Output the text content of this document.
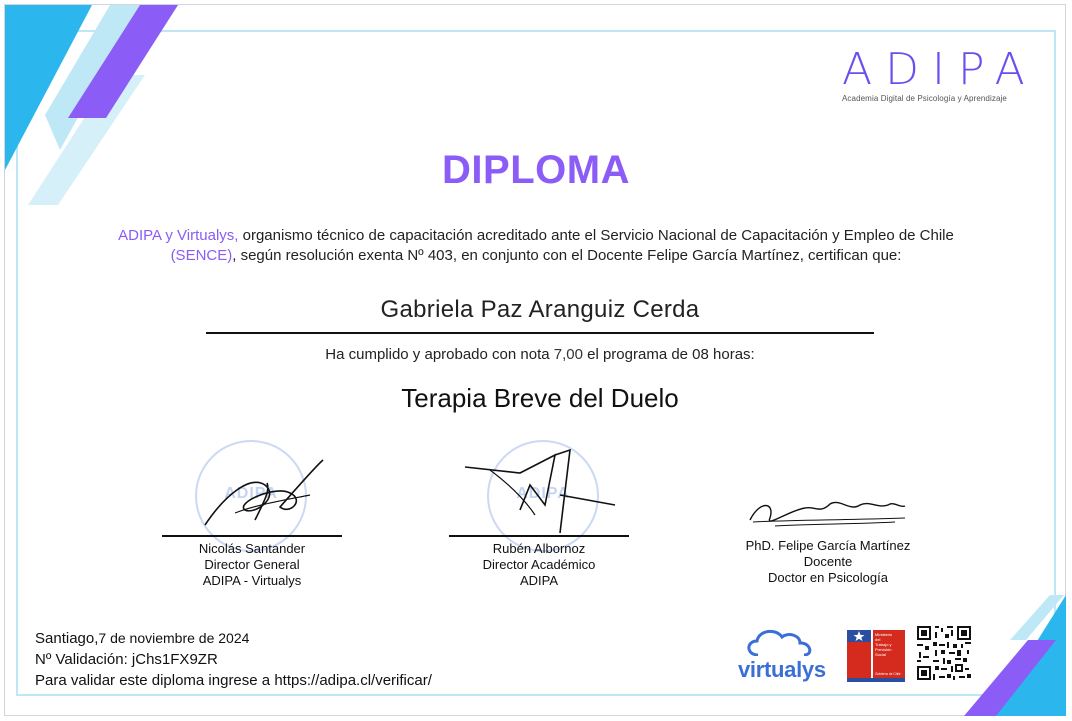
ADIPA
Academia Digital de Psicología y Aprendizaje
DIPLOMA
ADIPA y Virtualys, organismo técnico de capacitación acreditado ante el Servicio Nacional de Capacitación y Empleo de Chile (SENCE), según resolución exenta Nº 403, en conjunto con el Docente Felipe García Martínez, certifican que:
Gabriela Paz Aranguiz Cerda
Ha cumplido y aprobado con nota 7,00 el programa de 08 horas:
Terapia Breve del Duelo
ADIPA
Nicolás Santander
Director General
ADIPA - Virtualys
ADIPA
Rubén Albornoz
Director Académico
ADIPA
PhD. Felipe García Martínez
Docente
Doctor en Psicología
Santiago,7 de noviembre de 2024
Nº Validación: jChs1FX9ZR
Para validar este diploma ingrese a https://adipa.cl/verificar/	virtualys
Ministerio
del
Trabajo y
Previsión
Social
Gobierno de Chile
